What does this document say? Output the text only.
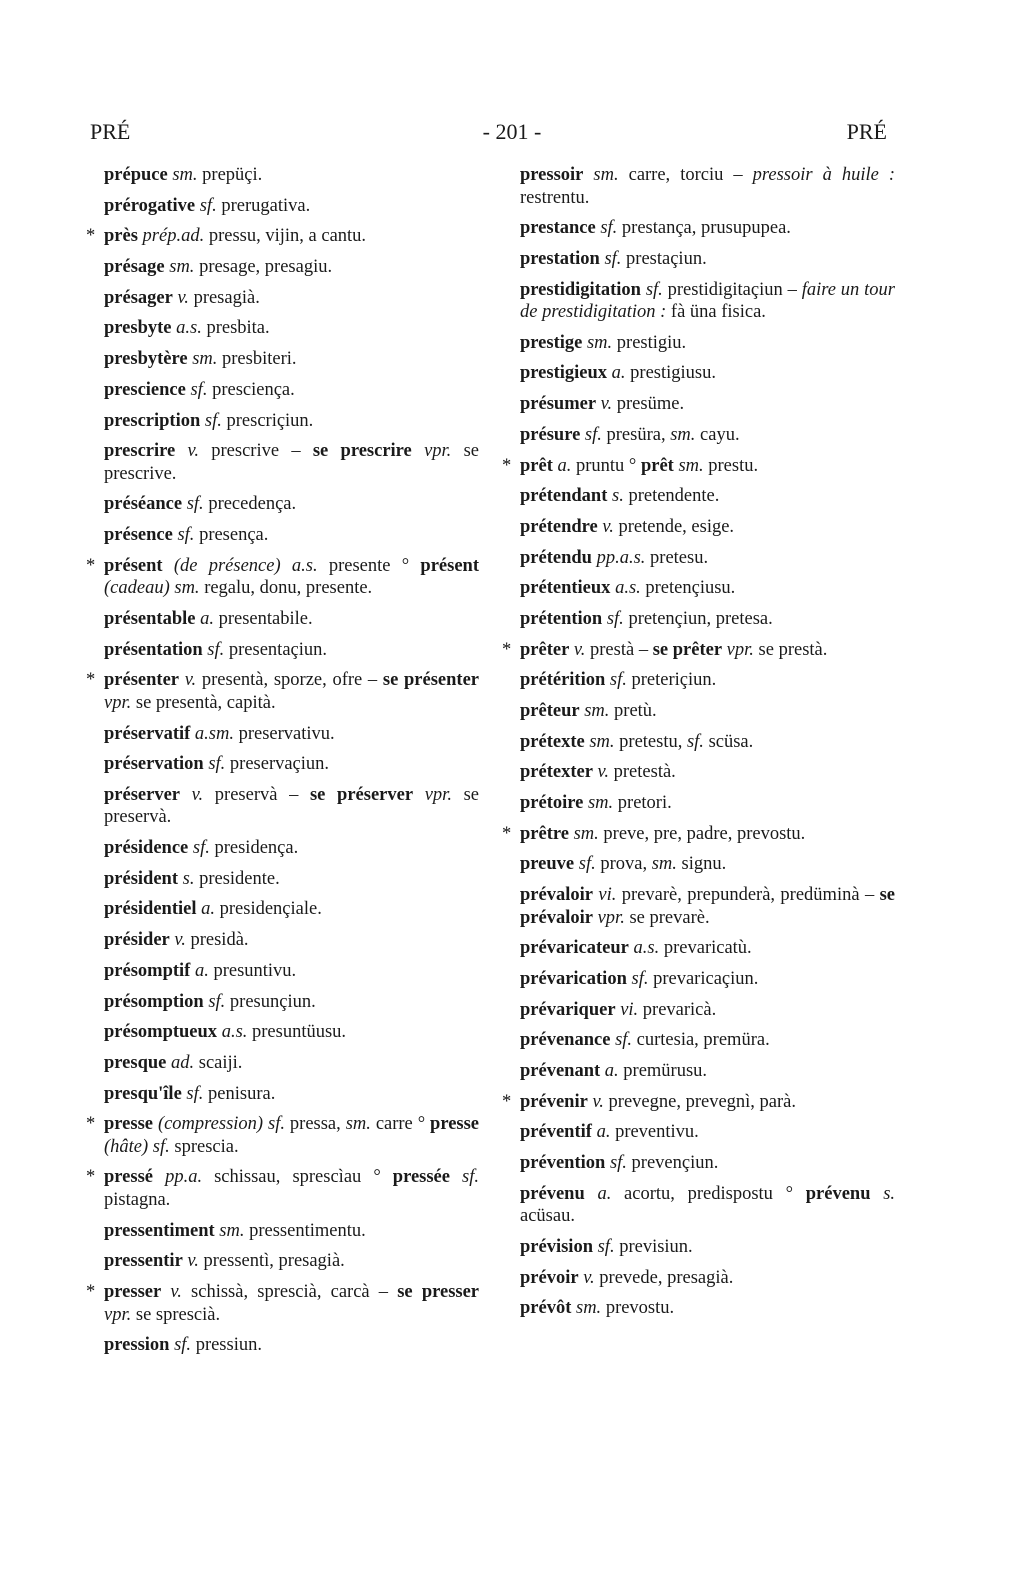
PRÉ	- 201 -	PRÉ
prépuce sm. prepüçi.
prérogative sf. prerugativa.
* près prép.ad. pressu, vijin, a cantu.
présage sm. presage, presagiu.
présager v. presagià.
presbyte a.s. presbita.
presbytère sm. presbiteri.
prescience sf. presciença.
prescription sf. prescriçiun.
prescrire v. prescrive – se prescrire vpr. se prescrive.
préséance sf. precedença.
présence sf. presença.
* présent (de présence) a.s. presente ° présent (cadeau) sm. regalu, donu, presente.
présentable a. presentabile.
présentation sf. presentaçiun.
* présenter v. presentà, sporze, ofre – se présenter vpr. se presentà, capità.
préservatif a.sm. preservativu.
préservation sf. preservaçiun.
préserver v. preservà – se préserver vpr. se preservà.
présidence sf. presidença.
président s. presidente.
présidentiel a. presidençiale.
présider v. presidà.
présomptif a. presuntivu.
présomption sf. presunçiun.
présomptueux a.s. presuntüusu.
presque ad. scaiji.
presqu'île sf. penisura.
* presse (compression) sf. pressa, sm. carre ° presse (hâte) sf. sprescia.
* pressé pp.a. schissau, sprescìau ° pressée sf. pistagna.
pressentiment sm. pressentimentu.
pressentir v. pressentì, presagià.
* presser v. schissà, sprescià, carcà – se presser vpr. se sprescià.
pression sf. pressiun.
pressoir sm. carre, torciu – pressoir à huile : restrentu.
prestance sf. prestança, prusupupea.
prestation sf. prestaçiun.
prestidigitation sf. prestidigitaçiun – faire un tour de prestidigitation : fà üna fisica.
prestige sm. prestigiu.
prestigieux a. prestigiusu.
présumer v. presüme.
présure sf. presüra, sm. cayu.
* prêt a. pruntu ° prêt sm. prestu.
prétendant s. pretendente.
prétendre v. pretende, esige.
prétendu pp.a.s. pretesu.
prétentieux a.s. pretençiusu.
prétention sf. pretençiun, pretesa.
* prêter v. prestà – se prêter vpr. se prestà.
prétérition sf. preteriçiun.
prêteur sm. pretù.
prétexte sm. pretestu, sf. scüsa.
prétexter v. pretestà.
prétoire sm. pretori.
* prêtre sm. preve, pre, padre, prevostu.
preuve sf. prova, sm. signu.
prévaloir vi. prevarè, prepunderà, predüminà – se prévaloir vpr. se prevarè.
prévaricateur a.s. prevaricatù.
prévarication sf. prevaricaçiun.
prévariquer vi. prevaricà.
prévenance sf. curtesia, premüra.
prévenant a. premürusu.
* prévenir v. prevegne, prevegnì, parà.
préventif a. preventivu.
prévention sf. prevençiun.
prévenu a. acortu, predispostu ° prévenu s. acüsau.
prévision sf. previsiun.
prévoir v. prevede, presagià.
prévôt sm. prevostu.
